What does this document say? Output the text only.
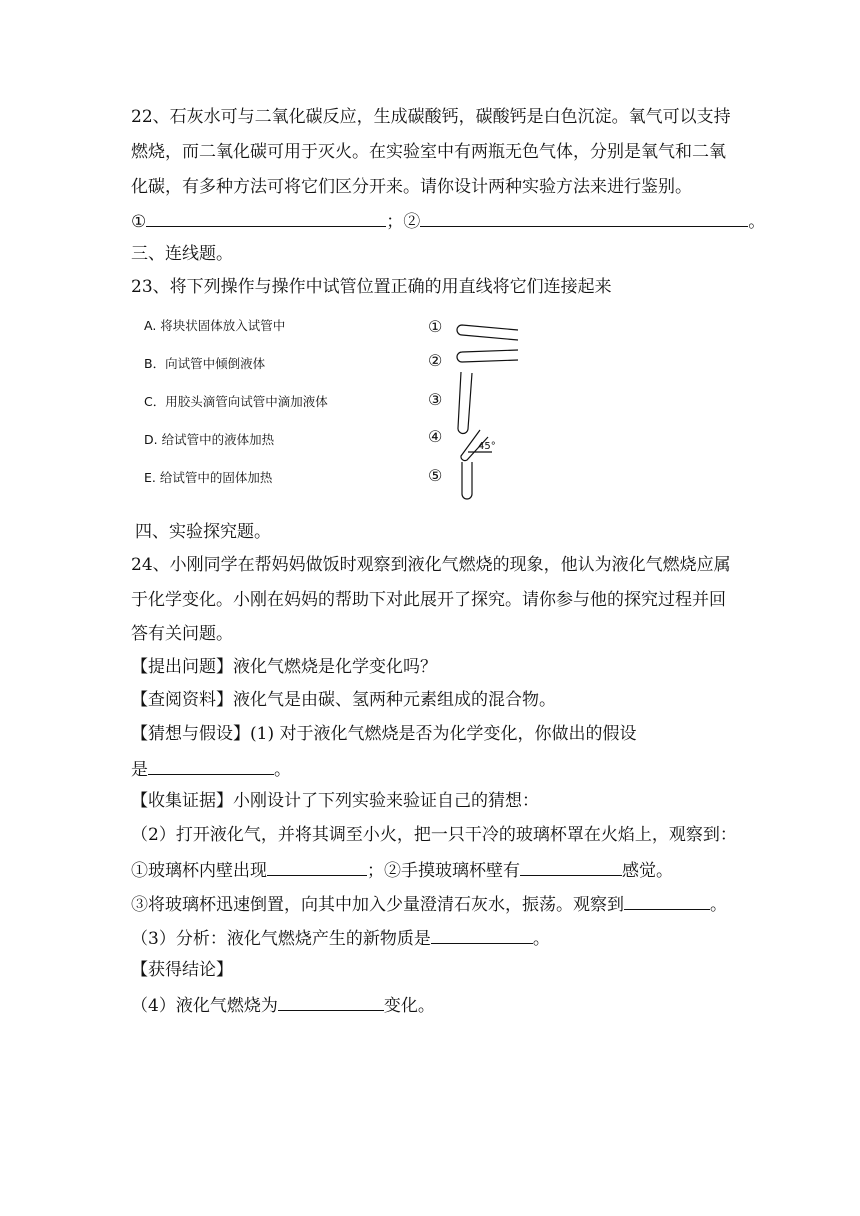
22、石灰水可与二氧化碳反应，生成碳酸钙，碳酸钙是白色沉淀。氧气可以支持
燃烧，而二氧化碳可用于灭火。在实验室中有两瓶无色气体，分别是氧气和二氧
化碳，有多种方法可将它们区分开来。请你设计两种实验方法来进行鉴别。
①	；②	。
三、连线题。
23、将下列操作与操作中试管位置正确的用直线将它们连接起来
A. 将块状固体放入试管中
B．向试管中倾倒液体
C．用胶头滴管向试管中滴加液体
D. 给试管中的液体加热
E. 给试管中的固体加热
①
②
③
④
⑤
45°
四、实验探究题。
24、小刚同学在帮妈妈做饭时观察到液化气燃烧的现象，他认为液化气燃烧应属
于化学变化。小刚在妈妈的帮助下对此展开了探究。请你参与他的探究过程并回
答有关问题。
【提出问题】液化气燃烧是化学变化吗？
【查阅资料】液化气是由碳、氢两种元素组成的混合物。
【猜想与假设】(1) 对于液化气燃烧是否为化学变化，你做出的假设
是	。
【收集证据】小刚设计了下列实验来验证自己的猜想：
（2）打开液化气，并将其调至小火，把一只干冷的玻璃杯罩在火焰上，观察到：
①玻璃杯内壁出现	；②手摸玻璃杯壁有	感觉。
③将玻璃杯迅速倒置，向其中加入少量澄清石灰水，振荡。观察到	。
（3）分析：液化气燃烧产生的新物质是	。
【获得结论】
（4）液化气燃烧为	变化。
